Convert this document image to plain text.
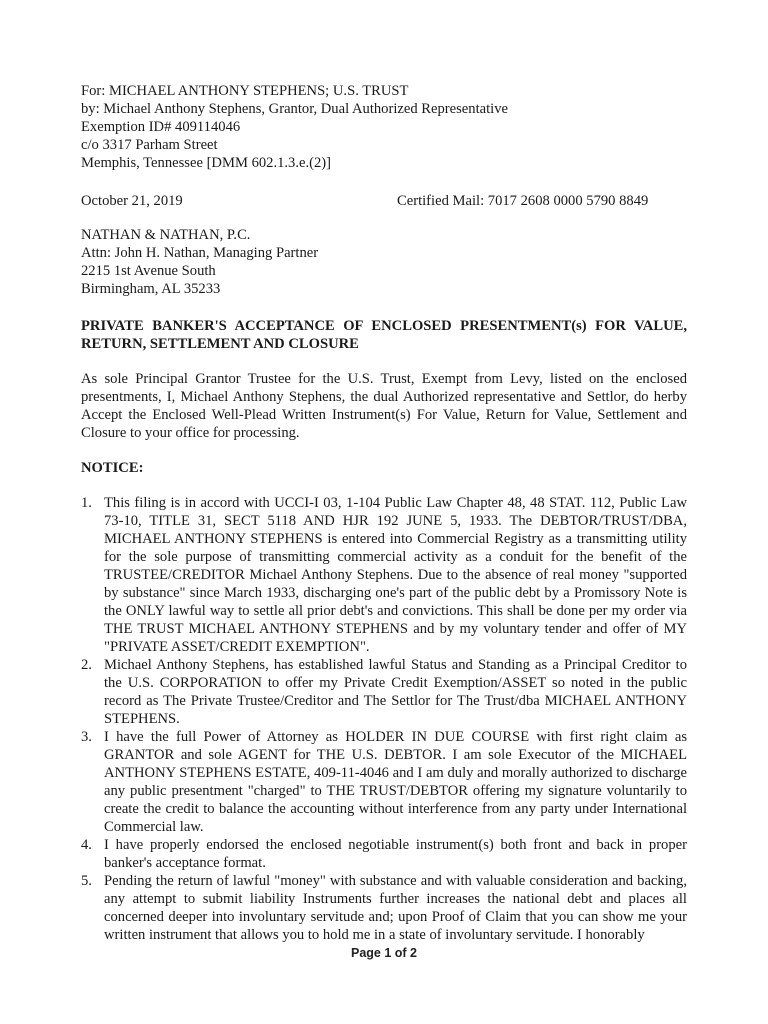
For: MICHAEL ANTHONY STEPHENS; U.S. TRUST
by: Michael Anthony Stephens, Grantor, Dual Authorized Representative
Exemption ID# 409114046
c/o 3317 Parham Street
Memphis, Tennessee [DMM 602.1.3.e.(2)]
October 21, 2019	Certified Mail: 7017 2608 0000 5790 8849
NATHAN & NATHAN, P.C.
Attn: John H. Nathan, Managing Partner
2215 1st Avenue South
Birmingham, AL 35233
PRIVATE BANKER'S ACCEPTANCE OF ENCLOSED PRESENTMENT(s) FOR VALUE, RETURN, SETTLEMENT AND CLOSURE
As sole Principal Grantor Trustee for the U.S. Trust, Exempt from Levy, listed on the enclosed presentments, I, Michael Anthony Stephens, the dual Authorized representative and Settlor, do herby Accept the Enclosed Well-Plead Written Instrument(s) For Value, Return for Value, Settlement and Closure to your office for processing.
NOTICE:
1. This filing is in accord with UCCI-I 03, 1-104 Public Law Chapter 48, 48 STAT. 112, Public Law 73-10, TITLE 31, SECT 5118 AND HJR 192 JUNE 5, 1933. The DEBTOR/TRUST/DBA, MICHAEL ANTHONY STEPHENS is entered into Commercial Registry as a transmitting utility for the sole purpose of transmitting commercial activity as a conduit for the benefit of the TRUSTEE/CREDITOR Michael Anthony Stephens. Due to the absence of real money "supported by substance" since March 1933, discharging one's part of the public debt by a Promissory Note is the ONLY lawful way to settle all prior debt's and convictions. This shall be done per my order via THE TRUST MICHAEL ANTHONY STEPHENS and by my voluntary tender and offer of MY "PRIVATE ASSET/CREDIT EXEMPTION".
2. Michael Anthony Stephens, has established lawful Status and Standing as a Principal Creditor to the U.S. CORPORATION to offer my Private Credit Exemption/ASSET so noted in the public record as The Private Trustee/Creditor and The Settlor for The Trust/dba MICHAEL ANTHONY STEPHENS.
3. I have the full Power of Attorney as HOLDER IN DUE COURSE with first right claim as GRANTOR and sole AGENT for THE U.S. DEBTOR. I am sole Executor of the MICHAEL ANTHONY STEPHENS ESTATE, 409-11-4046 and I am duly and morally authorized to discharge any public presentment "charged" to THE TRUST/DEBTOR offering my signature voluntarily to create the credit to balance the accounting without interference from any party under International Commercial law.
4. I have properly endorsed the enclosed negotiable instrument(s) both front and back in proper banker's acceptance format.
5. Pending the return of lawful "money" with substance and with valuable consideration and backing, any attempt to submit liability Instruments further increases the national debt and places all concerned deeper into involuntary servitude and; upon Proof of Claim that you can show me your written instrument that allows you to hold me in a state of involuntary servitude. I honorably
Page 1 of 2
